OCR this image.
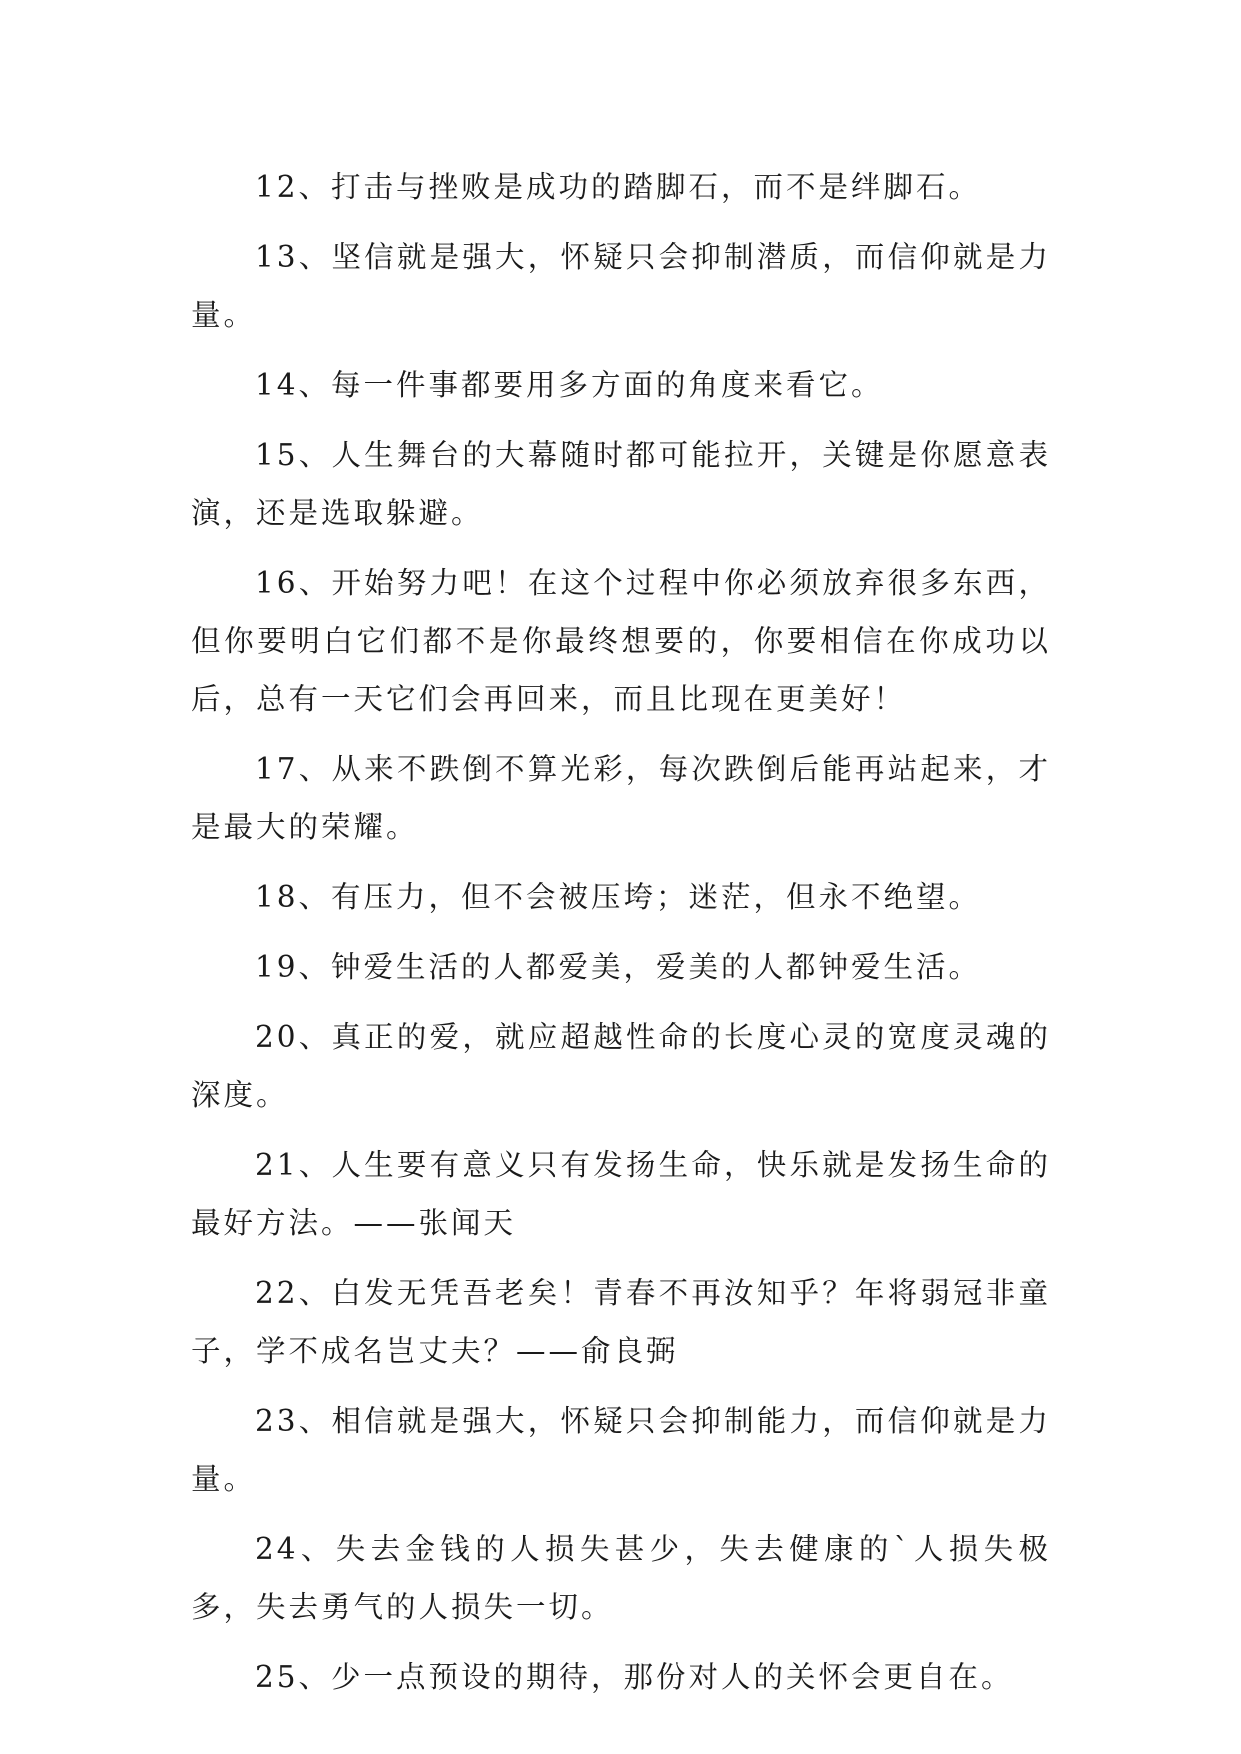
12、打击与挫败是成功的踏脚石，而不是绊脚石。

13、坚信就是强大，怀疑只会抑制潜质，而信仰就是力量。

14、每一件事都要用多方面的角度来看它。

15、人生舞台的大幕随时都可能拉开，关键是你愿意表演，还是选取躲避。

16、开始努力吧！在这个过程中你必须放弃很多东西，但你要明白它们都不是你最终想要的，你要相信在你成功以后，总有一天它们会再回来，而且比现在更美好！

17、从来不跌倒不算光彩，每次跌倒后能再站起来，才是最大的荣耀。

18、有压力，但不会被压垮；迷茫，但永不绝望。

19、钟爱生活的人都爱美，爱美的人都钟爱生活。

20、真正的爱，就应超越性命的长度心灵的宽度灵魂的深度。

21、人生要有意义只有发扬生命，快乐就是发扬生命的最好方法。——张闻天

22、白发无凭吾老矣！青春不再汝知乎？年将弱冠非童子，学不成名岂丈夫？——俞良弼

23、相信就是强大，怀疑只会抑制能力，而信仰就是力量。

24、失去金钱的人损失甚少，失去健康的`人损失极多，失去勇气的人损失一切。

25、少一点预设的期待，那份对人的关怀会更自在。
